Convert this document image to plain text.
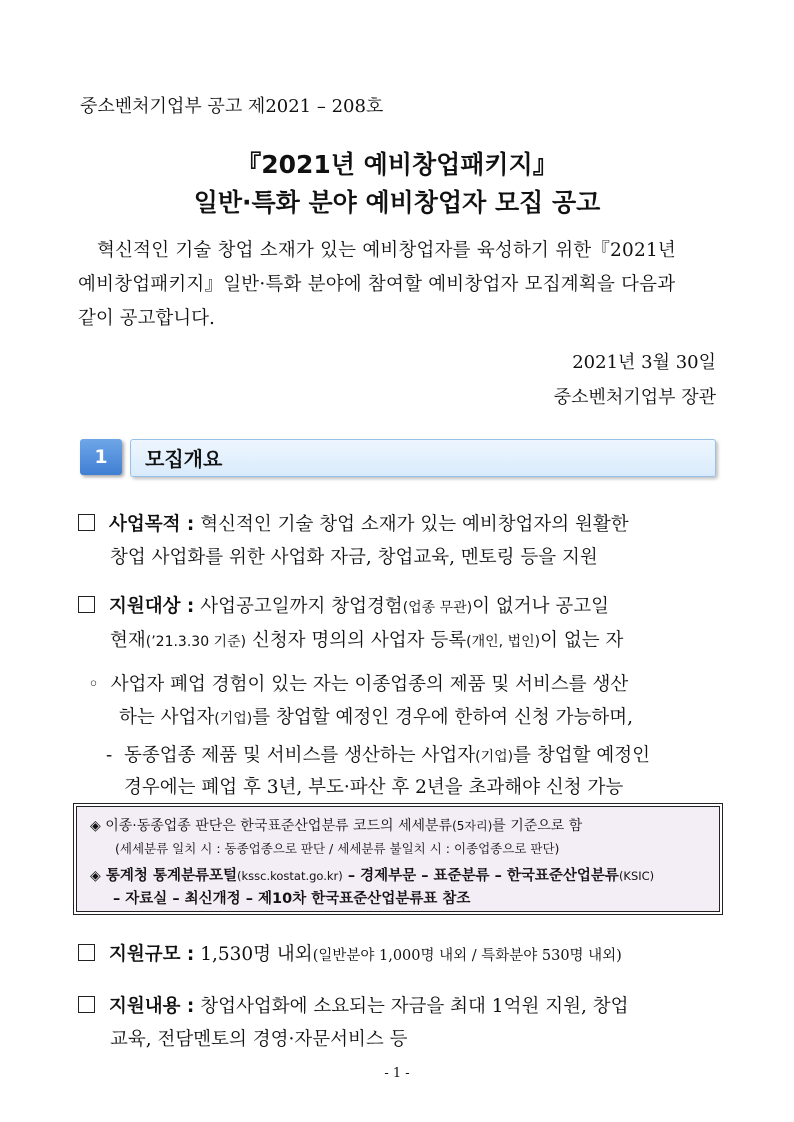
중소벤처기업부 공고 제2021 – 208호
『2021년 예비창업패키지』
일반·특화 분야 예비창업자 모집 공고
혁신적인 기술 창업 소재가 있는 예비창업자를 육성하기 위한『2021년
예비창업패키지』일반·특화 분야에 참여할 예비창업자 모집계획을 다음과
같이 공고합니다.
2021년 3월 30일
중소벤처기업부 장관
1	모집개요
사업목적 : 혁신적인 기술 창업 소재가 있는 예비창업자의 원활한
창업 사업화를 위한 사업화 자금, 창업교육, 멘토링 등을 지원
지원대상 : 사업공고일까지 창업경험(업종 무관)이 없거나 공고일
현재(’21.3.30 기준) 신청자 명의의 사업자 등록(개인, 법인)이 없는 자
◦ 사업자 폐업 경험이 있는 자는 이종업종의 제품 및 서비스를 생산
하는 사업자(기업)를 창업할 예정인 경우에 한하여 신청 가능하며,
- 동종업종 제품 및 서비스를 생산하는 사업자(기업)를 창업할 예정인
경우에는 폐업 후 3년, 부도·파산 후 2년을 초과해야 신청 가능
◈ 이종·동종업종 판단은 한국표준산업분류 코드의 세세분류(5자리)를 기준으로 함
(세세분류 일치 시 : 동종업종으로 판단 / 세세분류 불일치 시 : 이종업종으로 판단)
◈ 통계청 통계분류포털(kssc.kostat.go.kr) – 경제부문 – 표준분류 – 한국표준산업분류(KSIC)
– 자료실 – 최신개정 – 제10차 한국표준산업분류표 참조
지원규모 : 1,530명 내외(일반분야 1,000명 내외 / 특화분야 530명 내외)
지원내용 : 창업사업화에 소요되는 자금을 최대 1억원 지원, 창업
교육, 전담멘토의 경영·자문서비스 등
- 1 -
